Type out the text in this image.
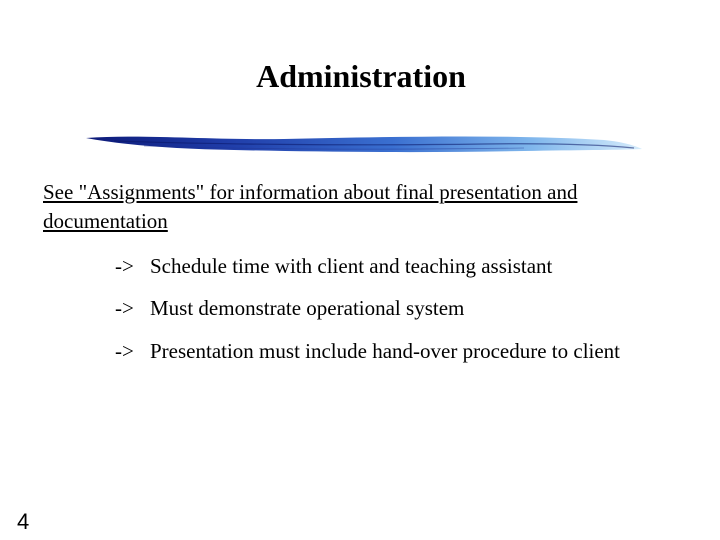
Administration
See "Assignments" for information about final presentation and
documentation
-> Schedule time with client and teaching assistant
-> Must demonstrate operational system
-> Presentation must include hand-over procedure to client
4
